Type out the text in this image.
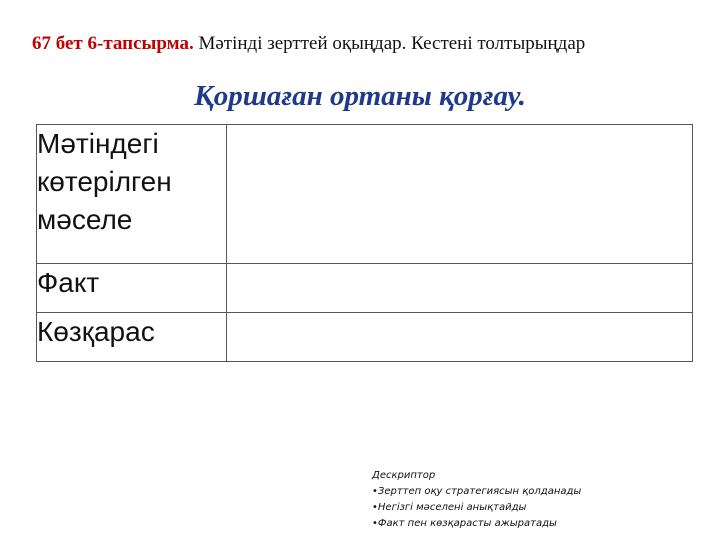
67 бет 6-тапсырма. Мәтінді зерттей оқыңдар. Кестені толтырыңдар
Қоршаған ортаны қорғау.
Мәтіндегі көтерілген мәселе	
Факт	
Көзқарас	
Дескриптор
• Зерттеп оқу стратегиясын қолданады
• Негізгі мәселені анықтайды
• Факт пен көзқарасты ажыратады
